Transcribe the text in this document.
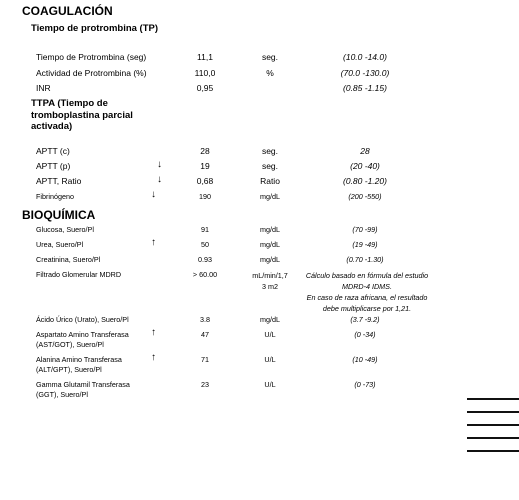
COAGULACIÓN
Tiempo de protrombina (TP)
Tiempo de Protrombina (seg)	11,1	seg.	(10.0 -14.0)
Actividad de Protrombina (%)	110,0	%	(70.0 -130.0)
INR	0,95	(0.85 -1.15)
TTPA (Tiempo de
tromboplastina parcial
activada)
APTT (c)	28	seg.	28
APTT (p)	↓	19	seg.	(20 -40)
APTT, Ratio	↓	0,68	Ratio	(0.80 -1.20)
Fibrinógeno	↓	190	mg/dL	(200 -550)
BIOQUÍMICA
Glucosa, Suero/Pl	91	mg/dL	(70 -99)
Urea, Suero/Pl	↑	50	mg/dL	(19 -49)
Creatinina, Suero/Pl	0.93	mg/dL	(0.70 -1.30)
Filtrado Glomerular MDRD	> 60.00	mL/min/1,7
3 m2
Cálculo basado en fórmula del estudio
MDRD-4 IDMS.
En caso de raza africana, el resultado
debe multiplicarse por 1,21.
Ácido Úrico (Urato), Suero/Pl	3.8	mg/dL	(3.7 -9.2)
Aspartato Amino Transferasa
(AST/GOT), Suero/Pl
↑	47	U/L	(0 -34)
Alanina Amino Transferasa
(ALT/GPT), Suero/Pl
↑	71	U/L	(10 -49)
Gamma Glutamil Transferasa
(GGT), Suero/Pl
23	U/L	(0 -73)
